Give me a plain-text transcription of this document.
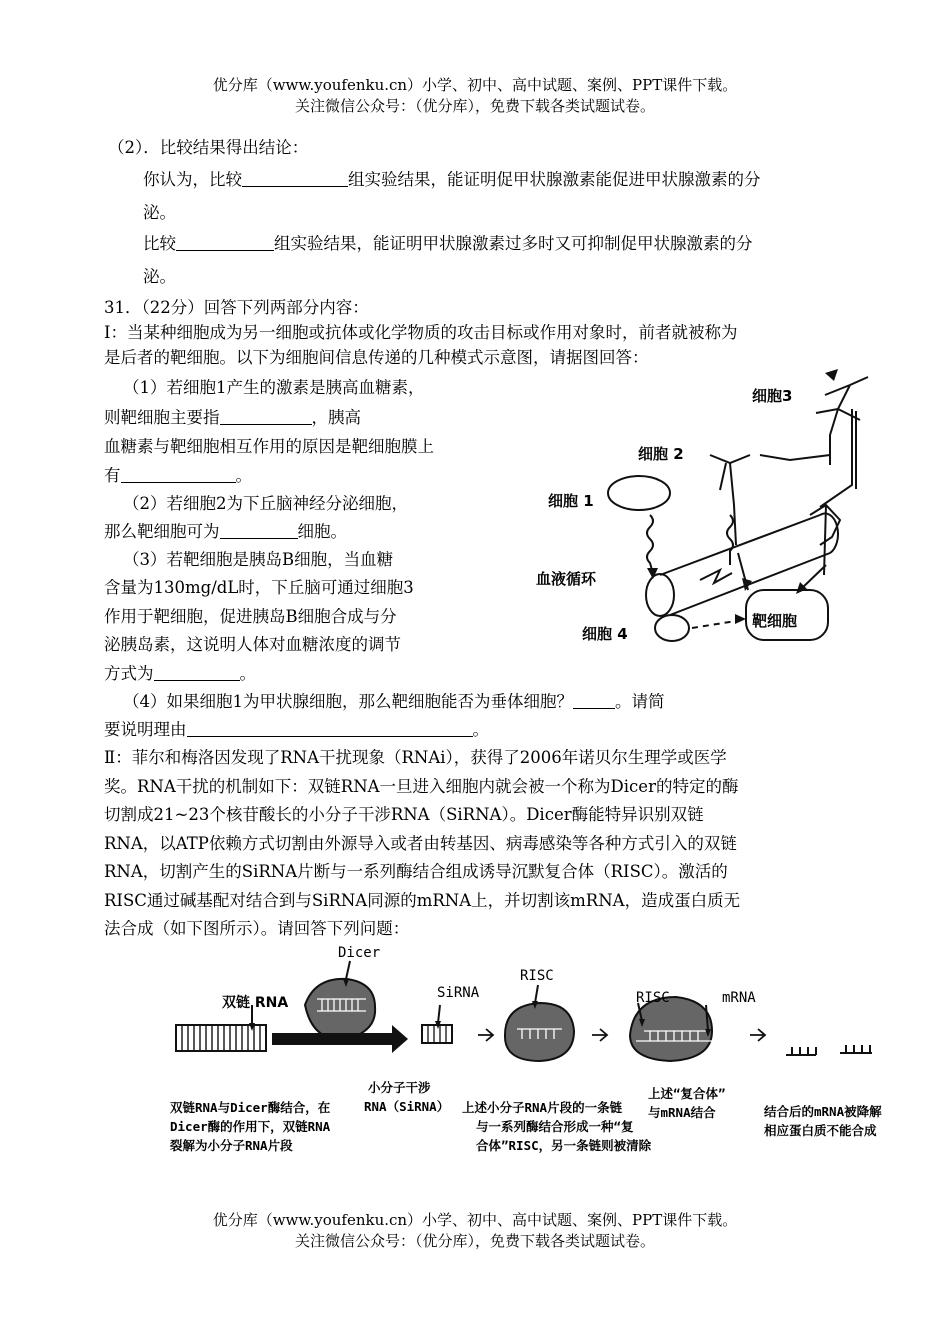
优分库（www.youfenku.cn）小学、初中、高中试题、案例、PPT课件下载。
关注微信公众号：（优分库），免费下载各类试题试卷。
（2）．比较结果得出结论：
你认为，比较	组实验结果，能证明促甲状腺激素能促进甲状腺激素的分
泌。
比较	组实验结果，能证明甲状腺激素过多时又可抑制促甲状腺激素的分
泌。
31．（22分）回答下列两部分内容：
Ⅰ：当某种细胞成为另一细胞或抗体或化学物质的攻击目标或作用对象时，前者就被称为
是后者的靶细胞。以下为细胞间信息传递的几种模式示意图，请据图回答：
（1）若细胞1产生的激素是胰高血糖素，
则靶细胞主要指	，胰高
血糖素与靶细胞相互作用的原因是靶细胞膜上
有	。
（2）若细胞2为下丘脑神经分泌细胞，
那么靶细胞可为	细胞。
（3）若靶细胞是胰岛B细胞，当血糖
含量为130mg/dL时，下丘脑可通过细胞3
作用于靶细胞，促进胰岛B细胞合成与分
泌胰岛素，这说明人体对血糖浓度的调节
方式为	。
（4）如果细胞1为甲状腺细胞，那么靶细胞能否为垂体细胞？	。请简
要说明理由	。
细胞3
细胞 2
细胞 1
血液循环
细胞 4
靶细胞
Ⅱ：菲尔和梅洛因发现了RNA干扰现象（RNAi），获得了2006年诺贝尔生理学或医学
奖。RNA干扰的机制如下：双链RNA一旦进入细胞内就会被一个称为Dicer的特定的酶
切割成21~23个核苷酸长的小分子干涉RNA（SiRNA）。Dicer酶能特异识别双链
RNA，以ATP依赖方式切割由外源导入或者由转基因、病毒感染等各种方式引入的双链
RNA，切割产生的SiRNA片断与一系列酶结合组成诱导沉默复合体（RISC）。激活的
RISC通过碱基配对结合到与SiRNA同源的mRNA上，并切割该mRNA，造成蛋白质无
法合成（如下图所示）。请回答下列问题：
Dicer
双链 RNA
SiRNA
RISC
RISC	mRNA
小分子干涉
RNA（SiRNA）
双链RNA与Dicer酶结合，在
Dicer酶的作用下，双链RNA
裂解为小分子RNA片段
上述小分子RNA片段的一条链
与一系列酶结合形成一种“复
合体”RISC，另一条链则被清除
上述“复合体”
与mRNA结合	结合后的mRNA被降解
相应蛋白质不能合成
优分库（www.youfenku.cn）小学、初中、高中试题、案例、PPT课件下载。
关注微信公众号：（优分库），免费下载各类试题试卷。
